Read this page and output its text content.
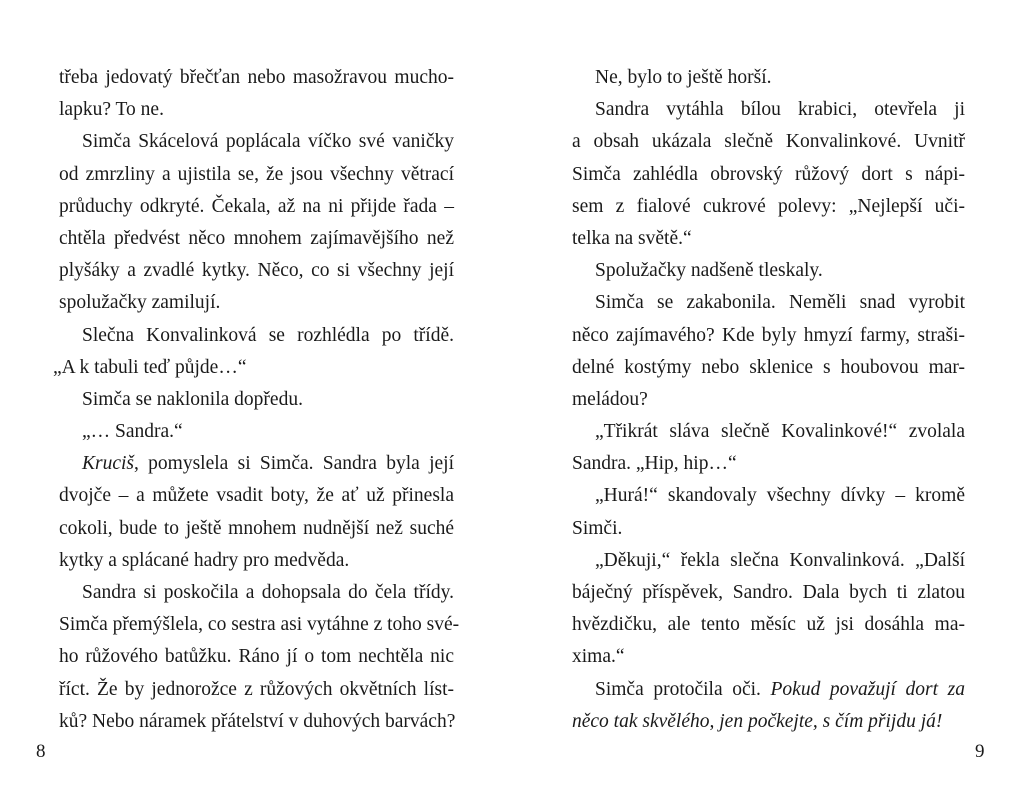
třeba jedovatý břečťan nebo masožravou mucho-
lapku? To ne.
Simča Skácelová poplácala víčko své vaničky
od zmrzliny a ujistila se, že jsou všechny větrací
průduchy odkryté. Čekala, až na ni přijde řada –
chtěla předvést něco mnohem zajímavějšího než
plyšáky a zvadlé kytky. Něco, co si všechny její
spolužačky zamilují.
Slečna Konvalinková se rozhlédla po třídě.
„A k tabuli teď půjde…“
Simča se naklonila dopředu.
„… Sandra.“
Kruciš, pomyslela si Simča. Sandra byla její
dvojče – a můžete vsadit boty, že ať už přinesla
cokoli, bude to ještě mnohem nudnější než suché
kytky a splácané hadry pro medvěda.
Sandra si poskočila a dohopsala do čela třídy.
Simča přemýšlela, co sestra asi vytáhne z toho své-
ho růžového batůžku. Ráno jí o tom nechtěla nic
říct. Že by jednorožce z růžových okvětních líst-
ků? Nebo náramek přátelství v duhových barvách?
Ne, bylo to ještě horší.
Sandra vytáhla bílou krabici, otevřela ji
a obsah ukázala slečně Konvalinkové. Uvnitř
Simča zahlédla obrovský růžový dort s nápi-
sem z fialové cukrové polevy: „Nejlepší uči-
telka na světě.“
Spolužačky nadšeně tleskaly.
Simča se zakabonila. Neměli snad vyrobit
něco zajímavého? Kde byly hmyzí farmy, straši-
delné kostýmy nebo sklenice s houbovou mar-
meládou?
„Třikrát sláva slečně Kovalinkové!“ zvolala
Sandra. „Hip, hip…“
„Hurá!“ skandovaly všechny dívky – kromě
Simči.
„Děkuji,“ řekla slečna Konvalinková. „Další
báječný příspěvek, Sandro. Dala bych ti zlatou
hvězdičku, ale tento měsíc už jsi dosáhla ma-
xima.“
Simča protočila oči. Pokud považují dort za
něco tak skvělého, jen počkejte, s čím přijdu já!
8	9
